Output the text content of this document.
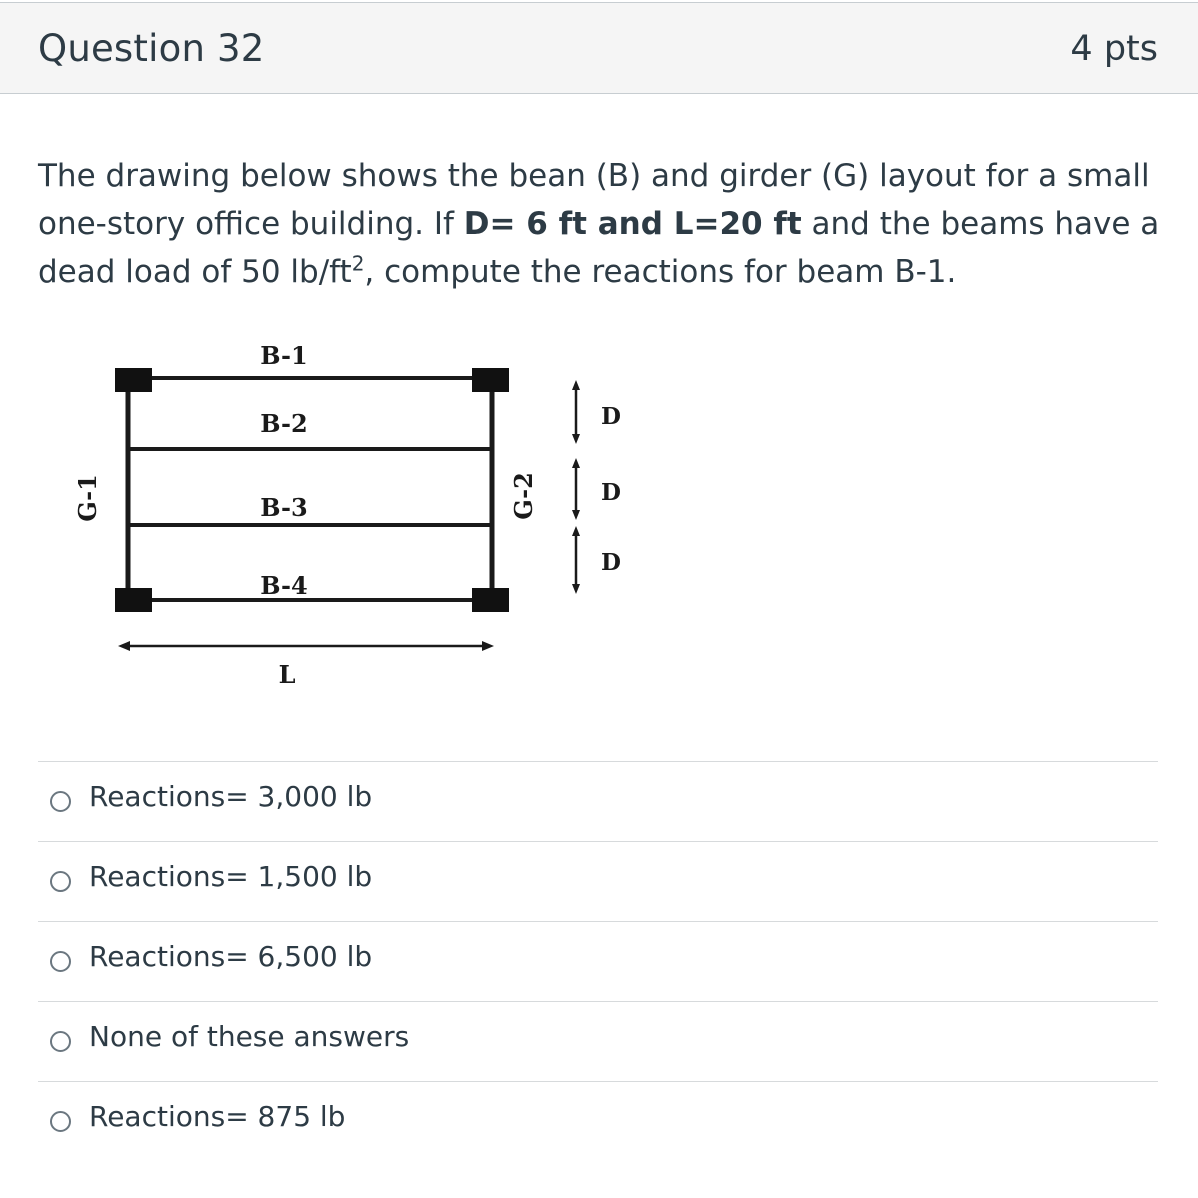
Question 32	4 pts
The drawing below shows the bean (B) and girder (G) layout for a small one-story office building. If D= 6 ft and L=20 ft and the beams have a dead load of 50 $lb/ft^2$, compute the reactions for beam B-1.
B-1
B-2
B-3
B-4
G-1	G-2
D
D
D
L
Reactions= 3,000 lb
Reactions= 1,500 lb
Reactions= 6,500 lb
None of these answers
Reactions= 875 lb
